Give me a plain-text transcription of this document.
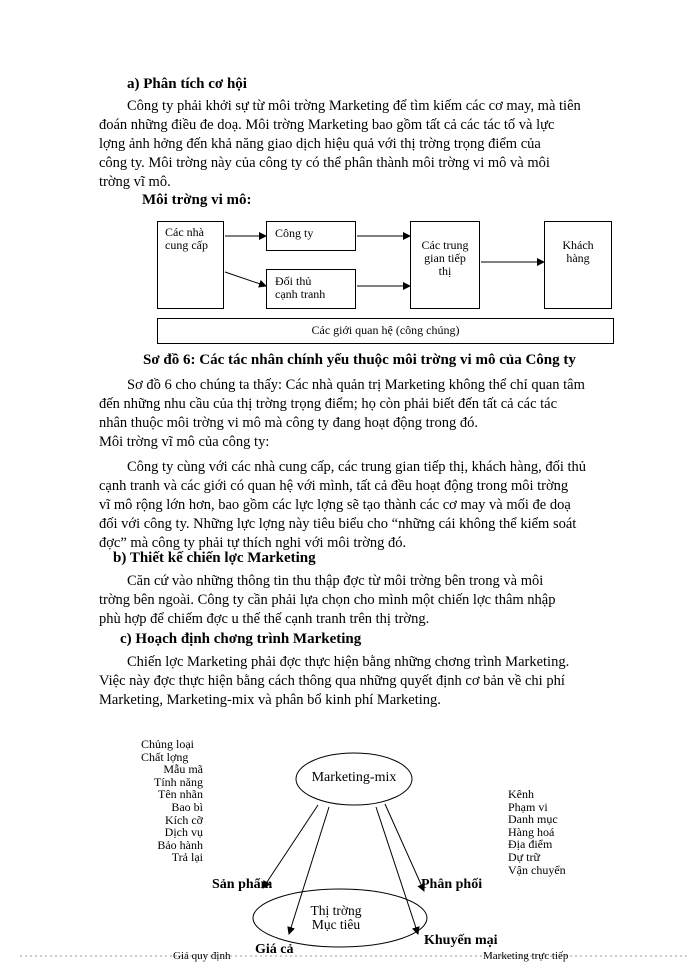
a) Phân tích cơ hội
Công ty phải khởi sự từ môi trờng Marketing để tìm kiếm các cơ may, mà tiên
đoán những điều đe doạ. Môi trờng Marketing bao gồm tất cả các tác tố và lực
lợng ảnh hởng đến khả năng giao dịch hiệu quả với thị trờng trọng điểm của
công ty. Môi trờng này của công ty có thể phân thành môi trờng vi mô và môi
trờng vĩ mô.
Môi trờng vi mô:
Các nhà
cung cấp
Công ty
Đối thủ
cạnh tranh
Các trung
gian tiếp
thị
Khách
hàng
Các giới quan hệ (công chúng)
Sơ đồ 6: Các tác nhân chính yếu thuộc môi trờng vi mô của Công ty
Sơ đồ 6 cho chúng ta thấy: Các nhà quản trị Marketing không thể chỉ quan tâm
đến những nhu cầu của thị trờng trọng điểm; họ còn phải biết đến tất cả các tác
nhân thuộc môi trờng vi mô mà công ty đang hoạt động trong đó.
Môi trờng vĩ mô của công ty:
Công ty cùng với các nhà cung cấp, các trung gian tiếp thị, khách hàng, đối thủ
cạnh tranh và các giới có quan hệ với mình, tất cả đều hoạt động trong môi trờng
vĩ mô rộng lớn hơn, bao gồm các lực lợng sẽ tạo thành các cơ may và mối đe doạ
đối với công ty. Những lực lợng này tiêu biểu cho “những cái không thể kiểm soát
đợc” mà công ty phải tự thích nghi với môi trờng đó.
b) Thiết kế chiến lợc Marketing
Căn cứ vào những thông tin thu thập đợc từ môi trờng bên trong và môi
trờng bên ngoài. Công ty cần phải lựa chọn cho mình một chiến lợc thâm nhập
phù hợp để chiếm đợc u thế thế cạnh tranh trên thị trờng.
c) Hoạch định chơng trình Marketing
Chiến lợc Marketing phải đợc thực hiện bằng những chơng trình Marketing.
Việc này đợc thực hiện bằng cách thông qua những quyết định cơ bản về chi phí
Marketing, Marketing-mix và phân bổ kinh phí Marketing.
Marketing-mix
Thị trờng
Mục tiêu
Chủng loại
Chất lợng
Mẫu mã
Tính năng
Tên nhãn
Bao bì
Kích cỡ
Dịch vụ
Bảo hành
Trả lại
Kênh
Phạm vi
Danh mục
Hàng hoá
Địa điểm
Dự trữ
Vận chuyển
Sản phẩm	Phân phối
Giá cả
Khuyến mại
Giá quy định	Marketing trực tiếp
